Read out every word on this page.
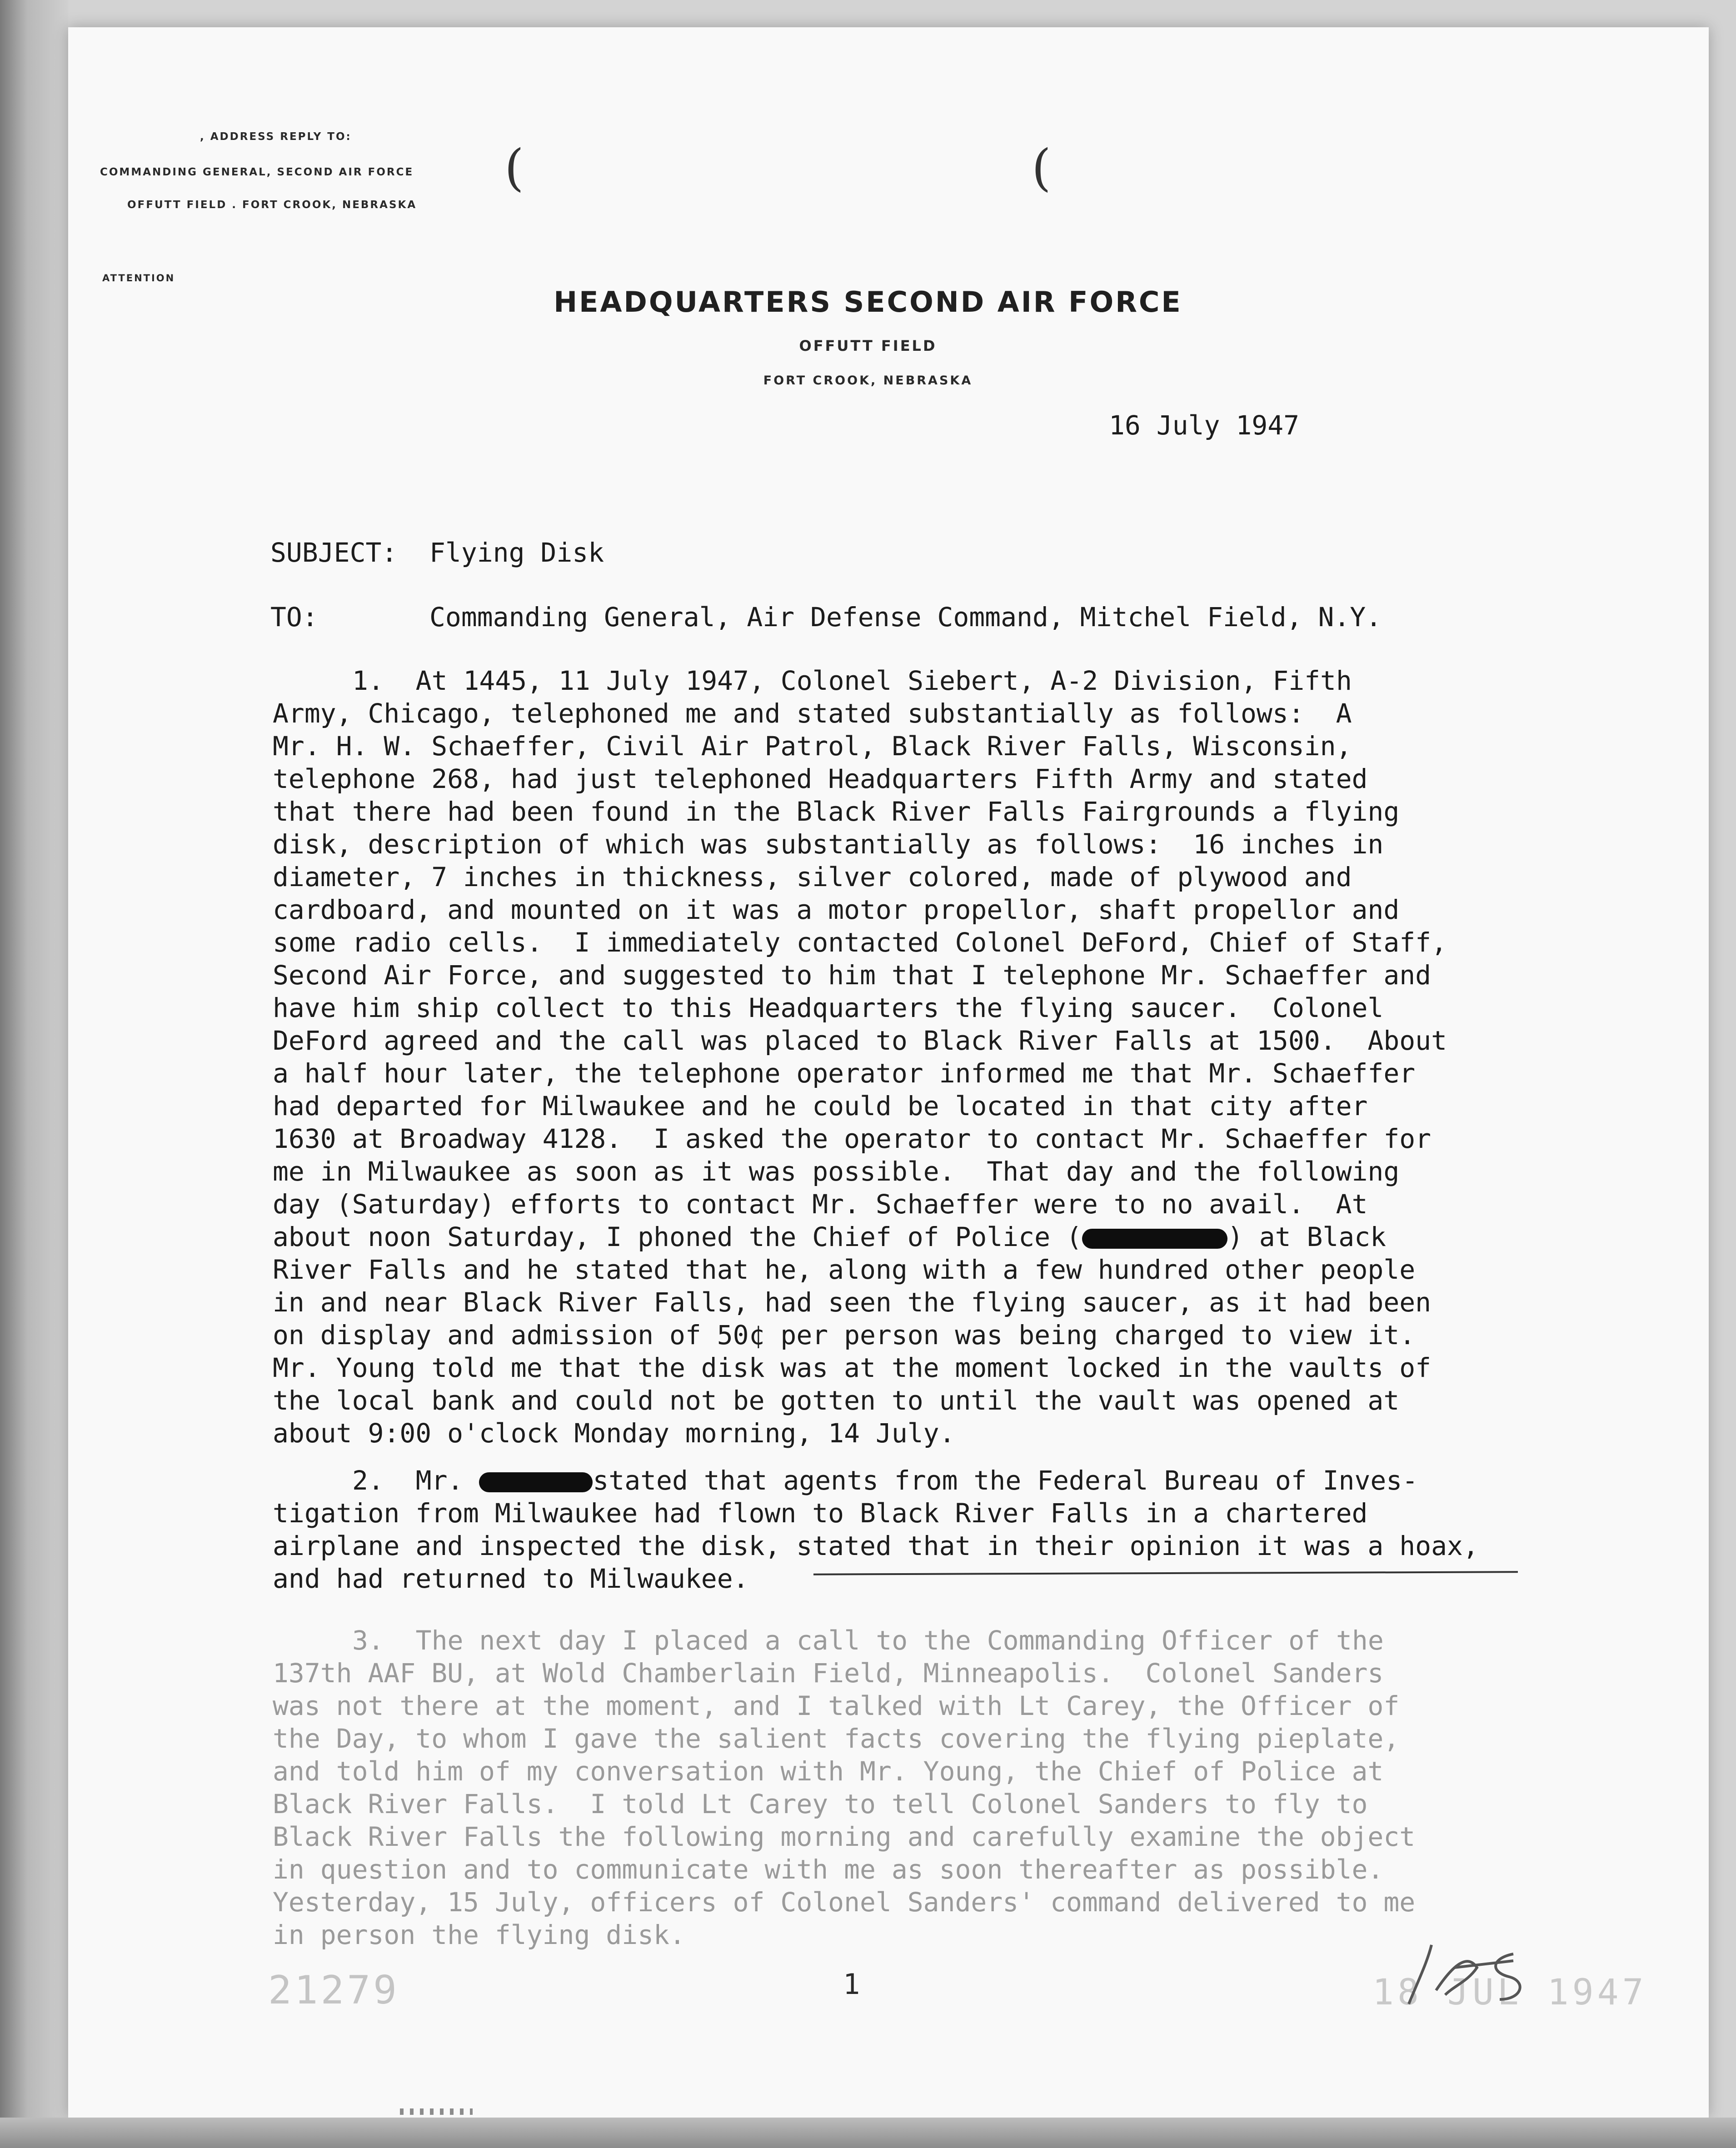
, ADDRESS REPLY TO:
COMMANDING GENERAL, SECOND AIR FORCE
OFFUTT FIELD . FORT CROOK, NEBRASKA
(	(
ATTENTION
HEADQUARTERS SECOND AIR FORCE
OFFUTT FIELD
FORT CROOK, NEBRASKA
16 July 1947
SUBJECT: Flying Disk
TO:	Commanding General, Air Defense Command, Mitchel Field, N.Y.
1.  At 1445, 11 July 1947, Colonel Siebert, A-2 Division, Fifth
Army, Chicago, telephoned me and stated substantially as follows:  A
Mr. H. W. Schaeffer, Civil Air Patrol, Black River Falls, Wisconsin,
telephone 268, had just telephoned Headquarters Fifth Army and stated
that there had been found in the Black River Falls Fairgrounds a flying
disk, description of which was substantially as follows:  16 inches in
diameter, 7 inches in thickness, silver colored, made of plywood and
cardboard, and mounted on it was a motor propellor, shaft propellor and
some radio cells.  I immediately contacted Colonel DeFord, Chief of Staff,
Second Air Force, and suggested to him that I telephone Mr. Schaeffer and
have him ship collect to this Headquarters the flying saucer.  Colonel
DeFord agreed and the call was placed to Black River Falls at 1500.  About
a half hour later, the telephone operator informed me that Mr. Schaeffer
had departed for Milwaukee and he could be located in that city after
1630 at Broadway 4128.  I asked the operator to contact Mr. Schaeffer for
me in Milwaukee as soon as it was possible.  That day and the following
day (Saturday) efforts to contact Mr. Schaeffer were to no avail.  At
about noon Saturday, I phoned the Chief of Police (	) at Black
River Falls and he stated that he, along with a few hundred other people
in and near Black River Falls, had seen the flying saucer, as it had been
on display and admission of 50¢ per person was being charged to view it.
Mr. Young told me that the disk was at the moment locked in the vaults of
the local bank and could not be gotten to until the vault was opened at
about 9:00 o'clock Monday morning, 14 July.
2.  Mr.	stated that agents from the Federal Bureau of Inves-
tigation from Milwaukee had flown to Black River Falls in a chartered
airplane and inspected the disk, stated that in their opinion it was a hoax,
and had returned to Milwaukee.
3.  The next day I placed a call to the Commanding Officer of the
137th AAF BU, at Wold Chamberlain Field, Minneapolis.  Colonel Sanders
was not there at the moment, and I talked with Lt Carey, the Officer of
the Day, to whom I gave the salient facts covering the flying pieplate,
and told him of my conversation with Mr. Young, the Chief of Police at
Black River Falls.  I told Lt Carey to tell Colonel Sanders to fly to
Black River Falls the following morning and carefully examine the object
in question and to communicate with me as soon thereafter as possible.
Yesterday, 15 July, officers of Colonel Sanders' command delivered to me
in person the flying disk.
21279	1	18 JUL 1947
